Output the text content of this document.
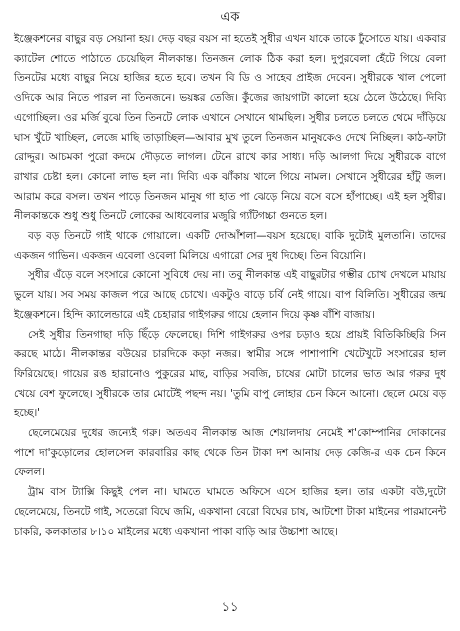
এক

ইঞ্জেকশনের বাছুর বড় সেয়ানা হয়। দেড় বছর বয়স না হতেই সুধীর এখন যাকে তাকে ঢুঁসোতে যায়। একবার ক্যাটেল শোতে পাঠাতে চেয়েছিল নীলকান্ত। তিনজন লোক ঠিক করা হল। দুপুরবেলা হেঁটে গিয়ে বেলা তিনটের মধ্যে বাছুর নিয়ে হাজির হতে হবে। তখন বি ডি ও সাহেব প্রাইজ দেবেন। সুধীরকে খাল পেলাে ওদিকে আর নিতে পারল না তিনজনে। ভয়ঙ্কর তেজি। কুঁজের জায়গাটা কালো হয়ে ঠেলে উঠেছে। দিব্যি এগোচ্ছিল। ওর মর্জি বুঝে তিন তিনটে লোক এখানে সেখানে থামছিল। সুধীর চলতে চলতে থেমে দাঁড়িয়ে ঘাস খুঁটে খাচ্ছিল, লেজে মাছি তাড়াচ্ছিল—আবার মুখ তুলে তিনজন মানুষকেও দেখে নিচ্ছিল। কাঠ-ফাটা রোদ্দুর। আচমকা পুরো কদমে দৌড়তে লাগল। টেনে রাখে কার সাধ্য। দড়ি আলগা দিয়ে সুধীরকে বাগে রাখার চেষ্টা হল। কোনো লাভ হল না। দিব্যি এক ঝাঁকায় খালে গিয়ে নামল। সেখানে সুধীরের হাঁটু জল। আরাম করে বসল। তখন পাড়ে তিনজন মানুষ গা হাত পা ঝেড়ে নিয়ে বসে বসে হাঁপাচ্ছে। এই হল সুধীর। নীলকান্তকে শুধু শুধু তিনটে লোকের আধবেলার মজুরি গ্যাঁটগচ্চা গুনতে হল।

বড় বড় তিনটে গাই থাকে গোয়ালে। একটি দোআঁশলা—বয়স হয়েছে। বাকি দুটোই মুলতানি। তাদের একজন গাভিন। একজন এবেলা ওবেলা মিলিয়ে এগারো সের দুধ দিচ্ছে। তিন বিয়োনি।

সুধীর এঁড়ে বলে সংসারে কোনো সুবিধে দেয় না। তবু নীলকান্ত এই বাছুরটার গম্ভীর চোখ দেখলে মায়ায় ভুলে যায়। সব সময় কাজল পরে আছে চোখে। একটুও বাড়ে চর্বি নেই গায়ে। বাপ বিলিতি। সুধীরের জন্ম ইঞ্জেকশনে। হিন্দি ক্যালেন্ডারে এই চেহারার গাইগরুর গায়ে হেলান দিয়ে কৃষ্ণ বাঁশি বাজায়।

সেই সুধীর তিনগাছা দড়ি ছিঁড়ে ফেলেছে। দিশি গাইগরুর ওপর চড়াও হয়ে প্রায়ই বিতিকিচ্ছিরি সিন করছে মাঠে। নীলকান্তর বউয়ের চারদিকে কড়া নজর। স্বামীর সঙ্গে পাশাপাশি খেটেখুটে সংসারের হাল ফিরিয়েছে। গায়ের রঙ হারানোও পুকুরের মাছ, বাড়ির সবজি, চাষের মোটা চালের ভাত আর গরুর দুধ খেয়ে বেশ ফুলেছে। সুধীরকে তার মোটেই পছন্দ নয়। 'তুমি বাপু লোহার চেন কিনে আনো। ছেলে মেয়ে বড় হচ্ছে।'

ছেলেমেয়ের দুধের জন্যেই গরু। অতএব নীলকান্ত আজ শেয়ালদায় নেমেই শ'কোম্পানির দোকানের পাশে দা'কুড়োলের হোলসেল কারবারির কাছ থেকে তিন টাকা দশ আনায় দেড় কেজি-র এক চেন কিনে ফেলল।

ট্রাম বাস ট্যাক্সি কিছুই পেল না। ঘামতে ঘামতে অফিসে এসে হাজির হল। তার একটা বউ,দুটো ছেলেমেয়ে, তিনটে গাই, সতেরো বিঘে জমি, একখানা বেরো বিঘের চাষ, আটশো টাকা মাইনের পারমানেন্ট চাকরি, কলকাতার ৮।১০ মাইলের মধ্যে একখানা পাকা বাড়ি আর উচ্চাশা আছে।

১১
